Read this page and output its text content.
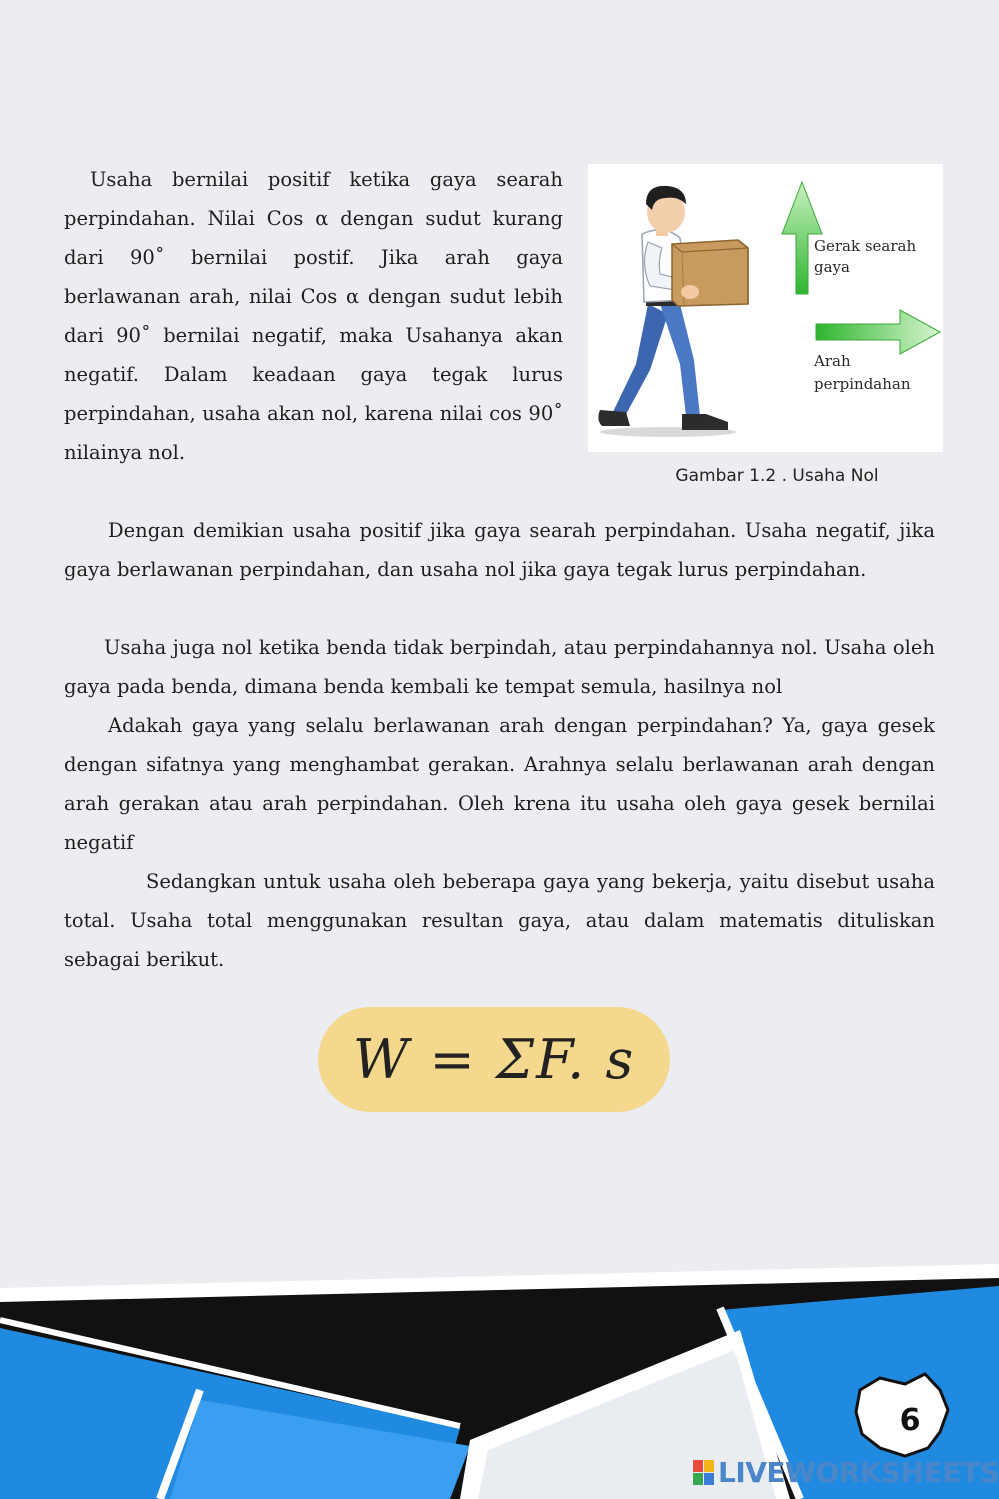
Usaha bernilai positif ketika gaya searah perpindahan. Nilai Cos α dengan sudut kurang dari 90˚ bernilai postif. Jika arah gaya berlawanan arah, nilai Cos α dengan sudut lebih dari 90˚ bernilai negatif, maka Usahanya akan negatif. Dalam keadaan gaya tegak lurus perpindahan, usaha akan nol, karena nilai cos 90˚ nilainya nol.

Gerak searah
gaya
Arah
perpindahan
Gambar 1.2 . Usaha Nol

Dengan demikian usaha positif jika gaya searah perpindahan. Usaha negatif, jika gaya berlawanan perpindahan, dan usaha nol jika gaya tegak lurus perpindahan.

Usaha juga nol ketika benda tidak berpindah, atau perpindahannya nol. Usaha oleh gaya pada benda, dimana benda kembali ke tempat semula, hasilnya nol

Adakah gaya yang selalu berlawanan arah dengan perpindahan? Ya, gaya gesek dengan sifatnya yang menghambat gerakan. Arahnya selalu berlawanan arah dengan arah gerakan atau arah perpindahan. Oleh krena itu usaha oleh gaya gesek bernilai negatif

Sedangkan untuk usaha oleh beberapa gaya yang bekerja, yaitu disebut usaha total. Usaha total menggunakan resultan gaya, atau dalam matematis dituliskan sebagai berikut.

W = ΣF. s
6
LIVEWORKSHEETS
